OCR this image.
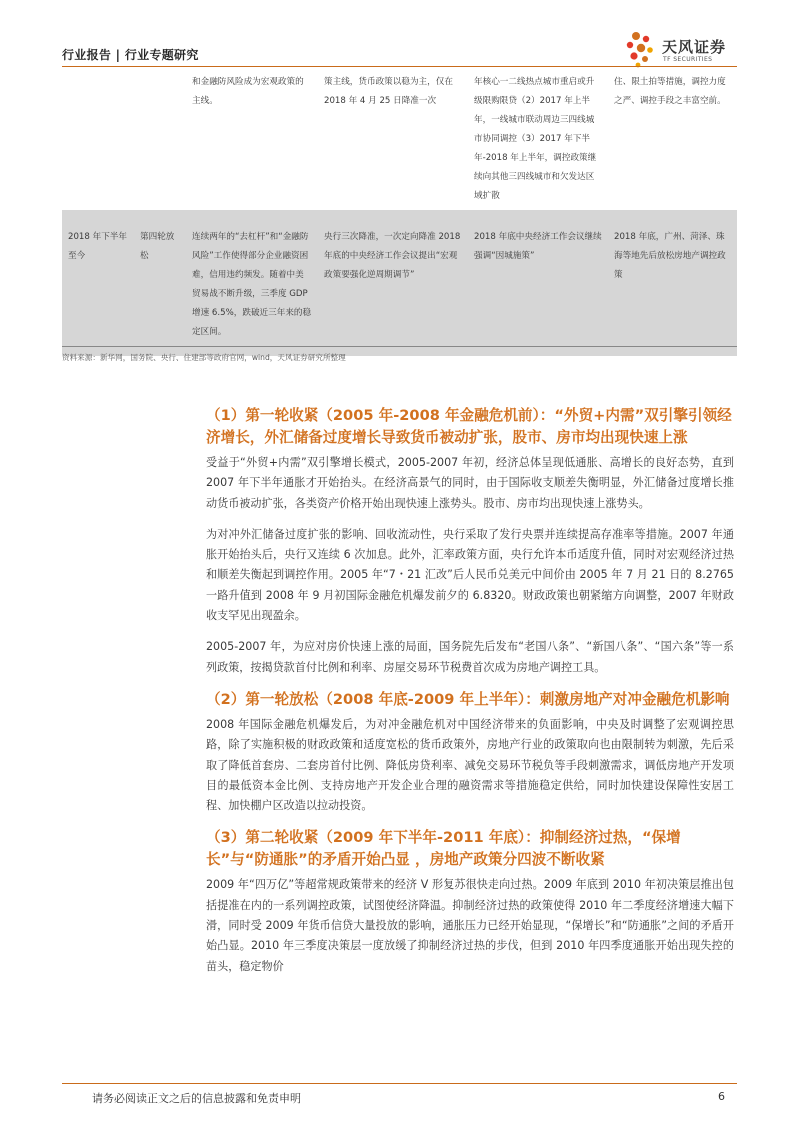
行业报告 | 行业专题研究	天风证券
TF SECURITIES
		和金融防风险成为宏观政策的主线。	策主线，货币政策以稳为主，仅在 2018 年 4 月 25 日降准一次	年核心一二线热点城市重启或升级限购限贷（2）2017 年上半年，一线城市联动周边三四线城市协同调控（3）2017 年下半年-2018 年上半年，调控政策继续向其他三四线城市和欠发达区域扩散	住、限土拍等措施，调控力度之严、调控手段之丰富空前。
2018 年下半年至今	第四轮放松	连续两年的“去杠杆”和“金融防风险”工作使得部分企业融资困难，信用违约频发。随着中美贸易战不断升级，三季度 GDP 增速 6.5%，跌破近三年来的稳定区间。	央行三次降准，一次定向降准 2018 年底的中央经济工作会议提出“宏观政策要强化逆周期调节”	2018 年底中央经济工作会议继续强调“因城施策”	2018 年底，广州、菏泽、珠海等地先后放松房地产调控政策
资料来源：新华网，国务院、央行、住建部等政府官网，wind，天风证券研究所整理
（1）第一轮收紧（2005 年-2008 年金融危机前）：“外贸+内需”双引擎引领经济增长，外汇储备过度增长导致货币被动扩张，股市、房市均出现快速上涨

受益于“外贸+内需”双引擎增长模式，2005-2007 年初，经济总体呈现低通胀、高增长的良好态势，直到 2007 年下半年通胀才开始抬头。在经济高景气的同时，由于国际收支顺差失衡明显，外汇储备过度增长推动货币被动扩张，各类资产价格开始出现快速上涨势头。股市、房市均出现快速上涨势头。

为对冲外汇储备过度扩张的影响、回收流动性，央行采取了发行央票并连续提高存准率等措施。2007 年通胀开始抬头后，央行又连续 6 次加息。此外，汇率政策方面，央行允许本币适度升值，同时对宏观经济过热和顺差失衡起到调控作用。2005 年“7・21 汇改”后人民币兑美元中间价由 2005 年 7 月 21 日的 8.2765 一路升值到 2008 年 9 月初国际金融危机爆发前夕的 6.8320。财政政策也朝紧缩方向调整，2007 年财政收支罕见出现盈余。

2005-2007 年，为应对房价快速上涨的局面，国务院先后发布“老国八条”、“新国八条”、“国六条”等一系列政策，按揭贷款首付比例和利率、房屋交易环节税费首次成为房地产调控工具。

（2）第一轮放松（2008 年底-2009 年上半年）：刺激房地产对冲金融危机影响

2008 年国际金融危机爆发后，为对冲金融危机对中国经济带来的负面影响，中央及时调整了宏观调控思路，除了实施积极的财政政策和适度宽松的货币政策外，房地产行业的政策取向也由限制转为刺激，先后采取了降低首套房、二套房首付比例、降低房贷利率、减免交易环节税负等手段刺激需求，调低房地产开发项目的最低资本金比例、支持房地产开发企业合理的融资需求等措施稳定供给，同时加快建设保障性安居工程、加快棚户区改造以拉动投资。

（3）第二轮收紧（2009 年下半年-2011 年底）：抑制经济过热，“保增长”与“防通胀”的矛盾开始凸显 ，房地产政策分四波不断收紧

2009 年“四万亿”等超常规政策带来的经济 V 形复苏很快走向过热。2009 年底到 2010 年初决策层推出包括提准在内的一系列调控政策，试图使经济降温。抑制经济过热的政策使得 2010 年二季度经济增速大幅下滑，同时受 2009 年货币信贷大量投放的影响，通胀压力已经开始显现，“保增长”和“防通胀”之间的矛盾开始凸显。2010 年三季度决策层一度放缓了抑制经济过热的步伐，但到 2010 年四季度通胀开始出现失控的苗头，稳定物价

请务必阅读正文之后的信息披露和免责申明	6
